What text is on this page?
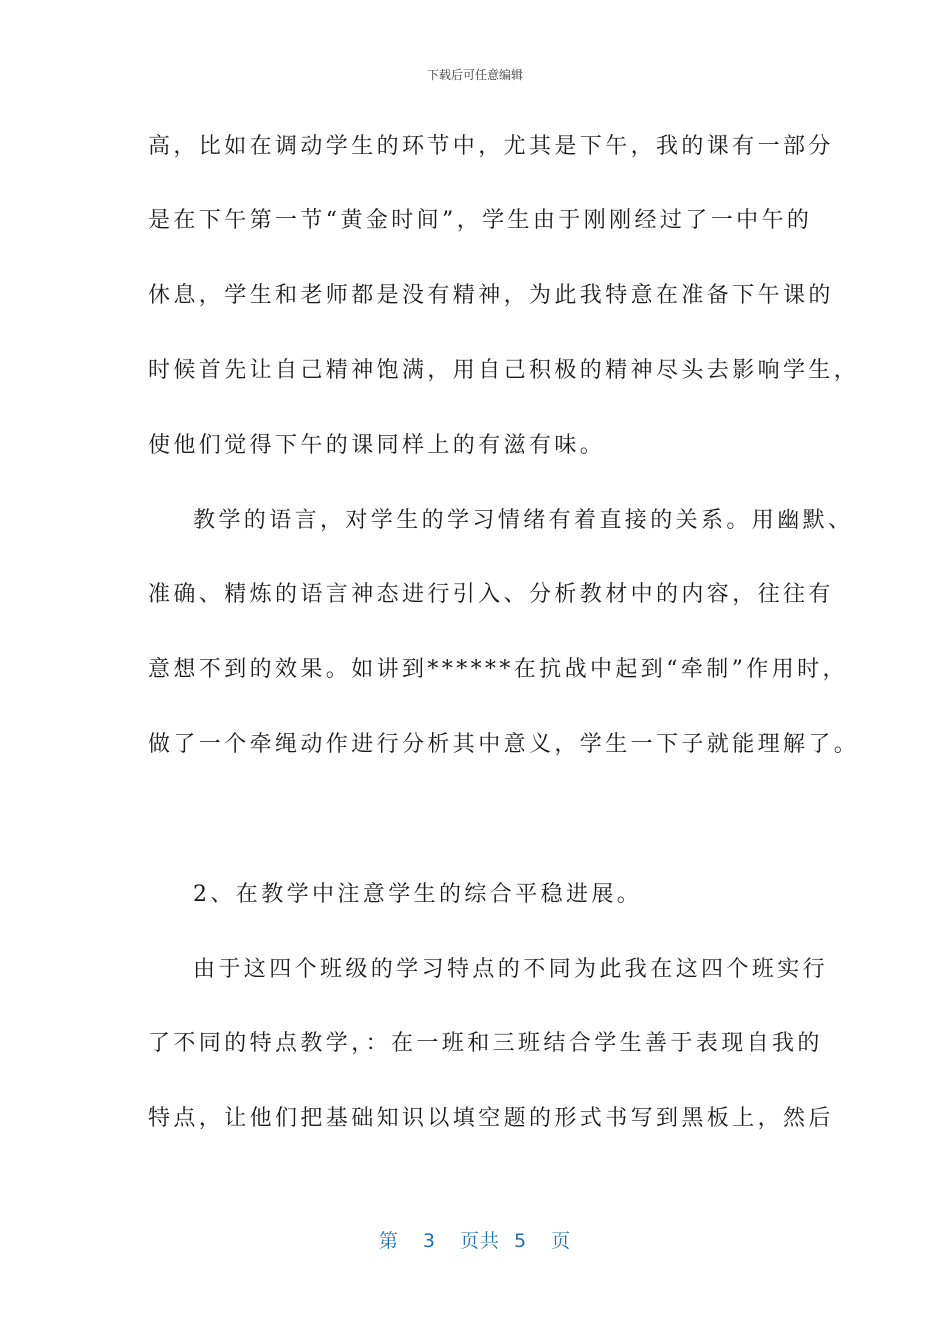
下载后可任意编辑
高，比如在调动学生的环节中，尤其是下午，我的课有一部分
是在下午第一节“黄金时间”，学生由于刚刚经过了一中午的
休息，学生和老师都是没有精神，为此我特意在准备下午课的
时候首先让自己精神饱满，用自己积极的精神尽头去影响学生，
使他们觉得下午的课同样上的有滋有味。
教学的语言，对学生的学习情绪有着直接的关系。用幽默、
准确、精炼的语言神态进行引入、分析教材中的内容，往往有
意想不到的效果。如讲到******在抗战中起到“牵制”作用时，
做了一个牵绳动作进行分析其中意义，学生一下子就能理解了。
2、在教学中注意学生的综合平稳进展。
由于这四个班级的学习特点的不同为此我在这四个班实行
了不同的特点教学，：在一班和三班结合学生善于表现自我的
特点，让他们把基础知识以填空题的形式书写到黑板上，然后
第 3 页共 5 页
